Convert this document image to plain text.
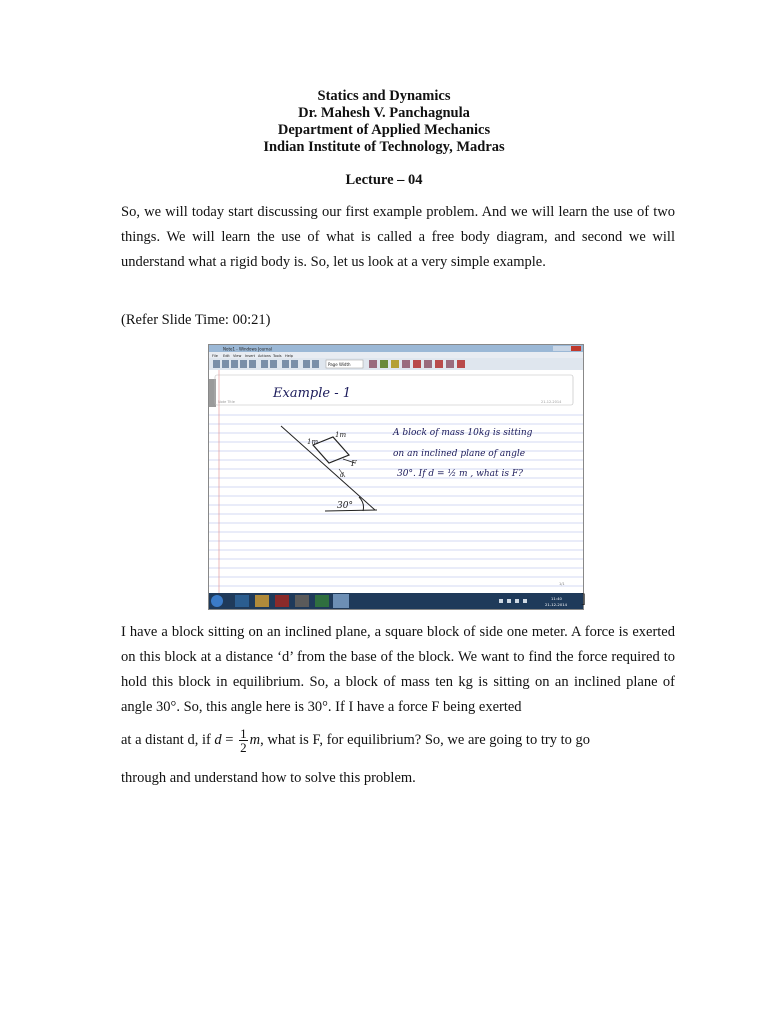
Statics and Dynamics
Dr. Mahesh V. Panchagnula
Department of Applied Mechanics
Indian Institute of Technology, Madras
Lecture – 04

So, we will today start discussing our first example problem. And we will learn the use of two things. We will learn the use of what is called a free body diagram, and second we will understand what a rigid body is. So, let us look at a very simple example.

(Refer Slide Time: 00:21)
Note1 - Windows Journal
File Edit View Insert Actions Tools Help
Page Width
Note Title	21-12-2014
Example - 1
A block of mass 10kg is sitting
on an inclined plane of angle
30°. If d = ½ m , what is F?
1m
1m
F
d
30°
1/1
11:40
21-12-2014 ]

I have a block sitting on an inclined plane, a square block of side one meter. A force is exerted on this block at a distance ‘d’ from the base of the block. We want to find the force required to hold this block in equilibrium. So, a block of mass ten kg is sitting on an inclined plane of angle 30°. So, this angle here is 30°. If I have a force F being exerted

at a distant d, if $d = \frac{1}{2} m$, what is F, for equilibrium? So, we are going to try to go
through and understand how to solve this problem.
